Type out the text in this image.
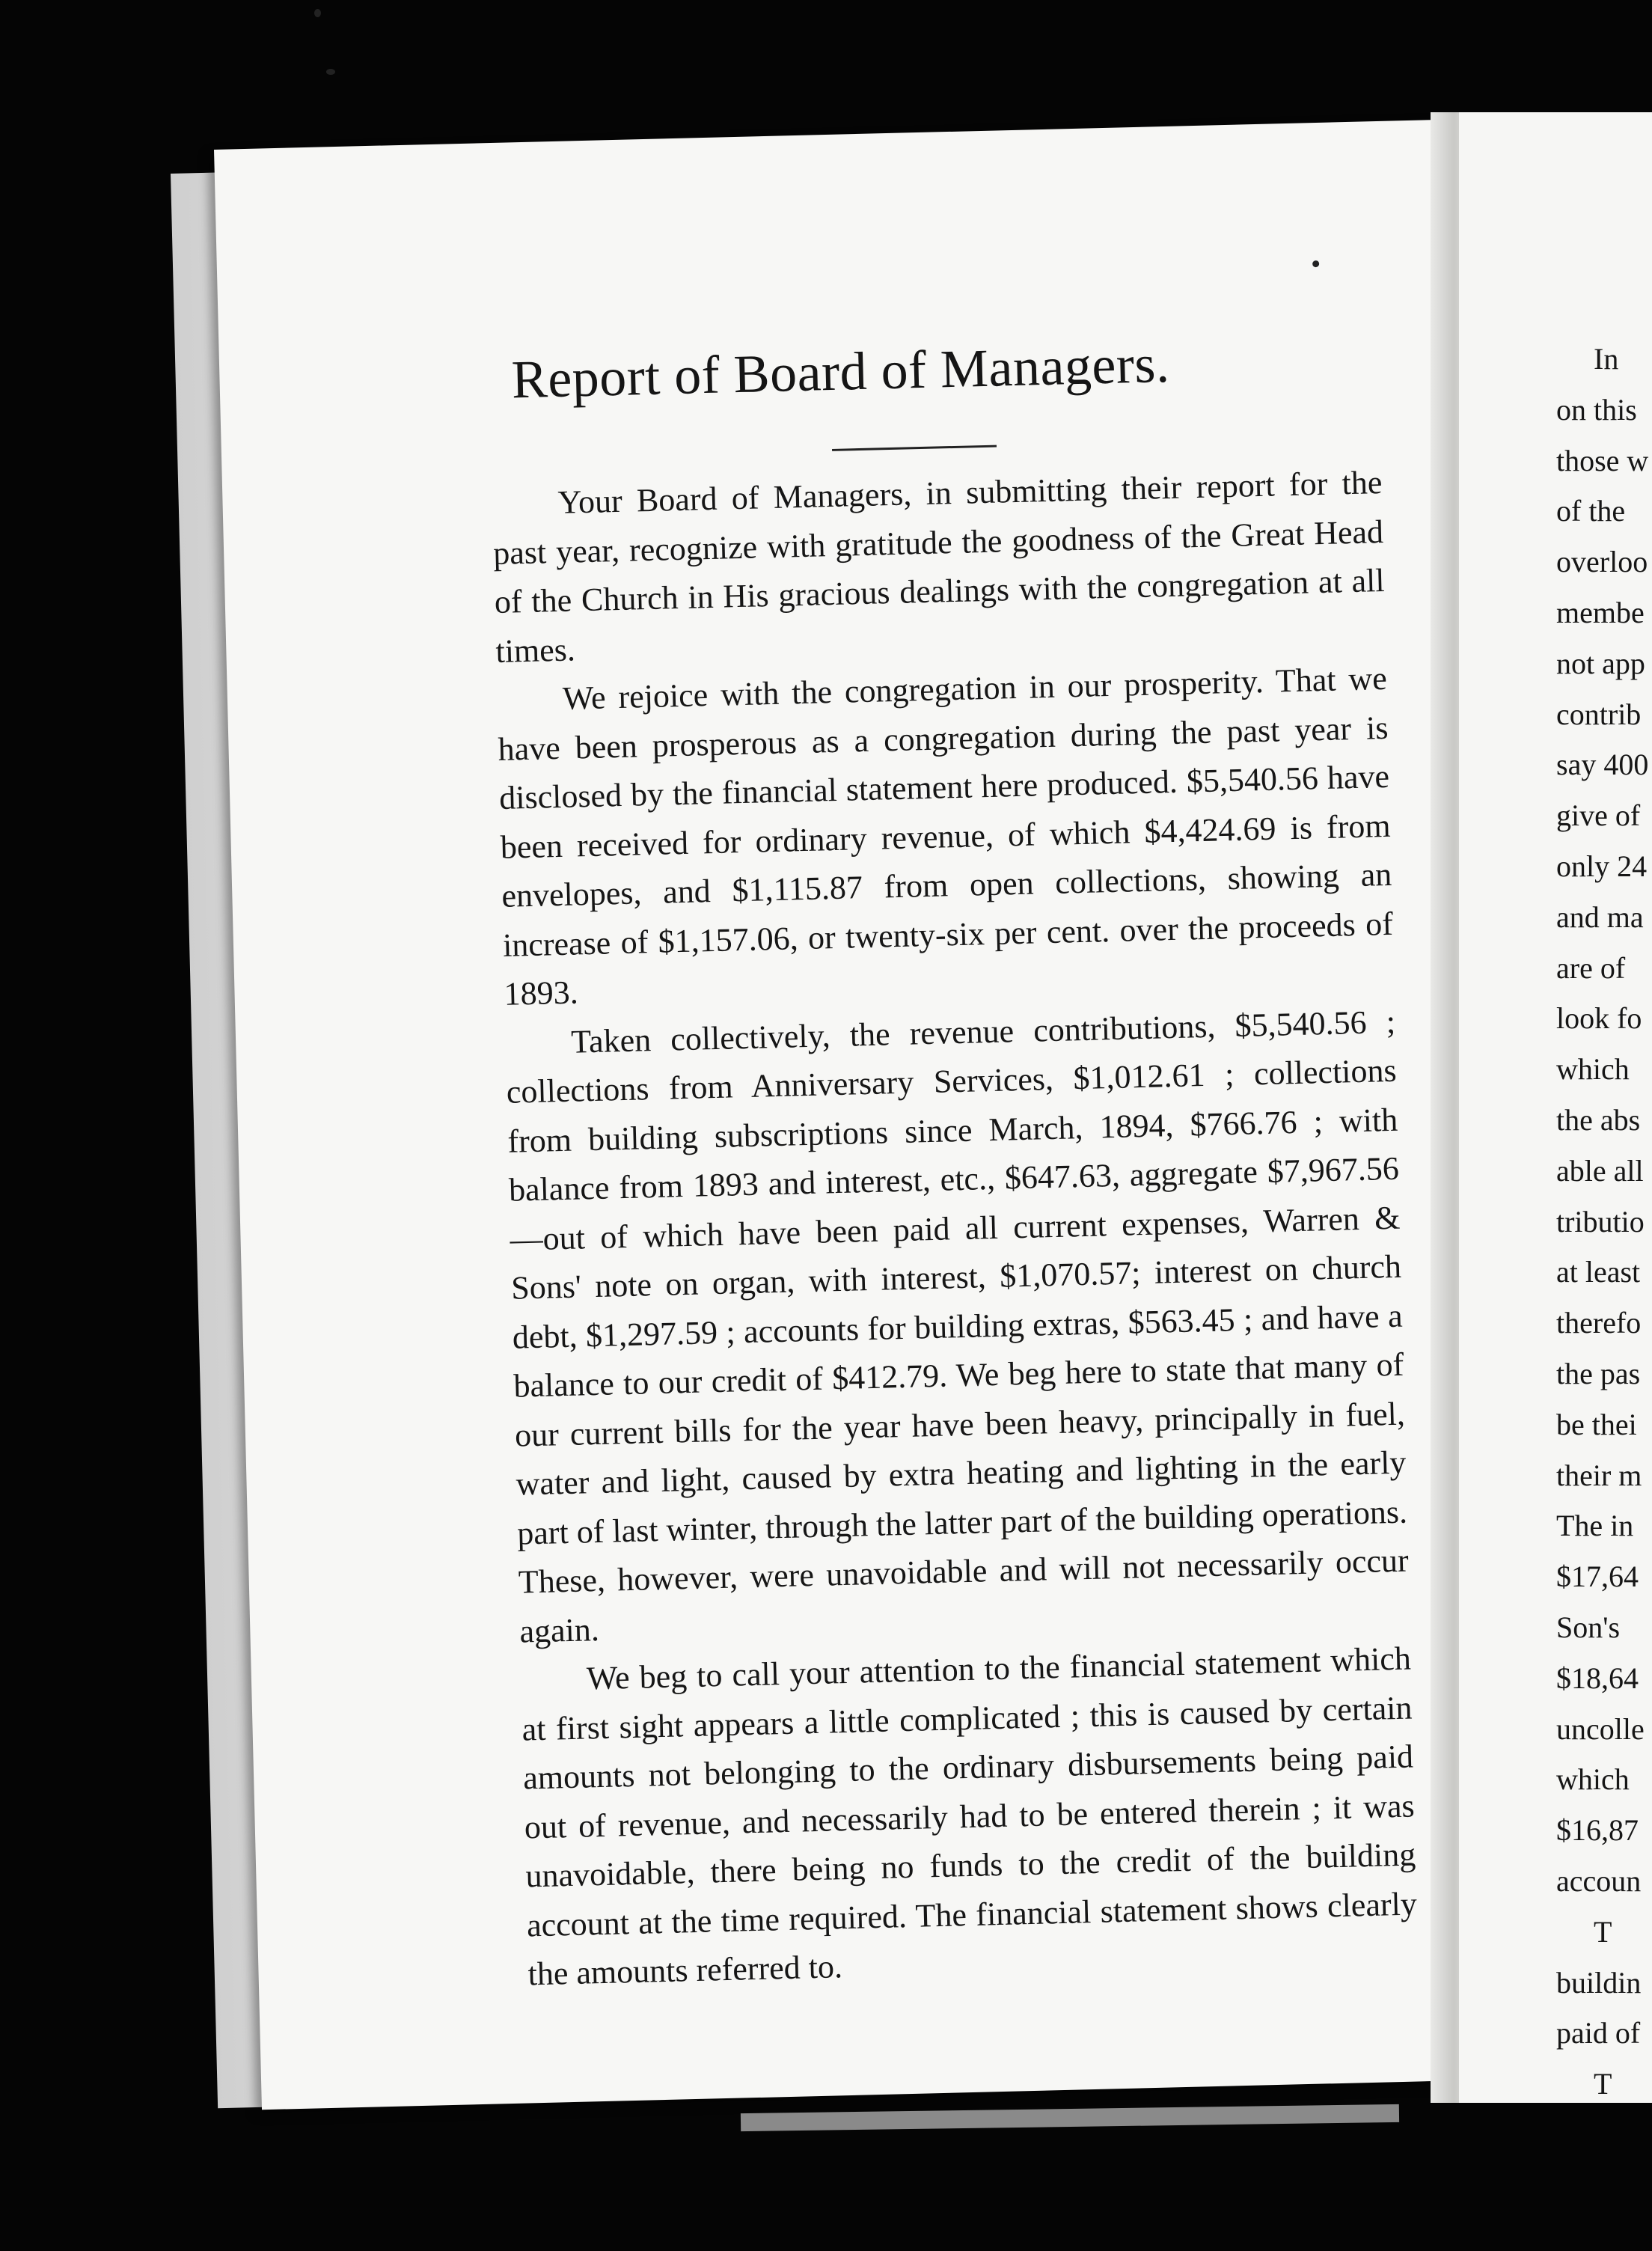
Report of Board of Managers.

Your Board of Managers, in submitting their report for the past year, recognize with gratitude the goodness of the Great Head of the Church in His gracious dealings with the congregation at all times.

We rejoice with the congregation in our prosperity. That we have been prosperous as a congregation during the past year is disclosed by the financial statement here produced. $5,540.56 have been received for ordinary revenue, of which $4,424.69 is from envelopes, and $1,115.87 from open collections, showing an increase of $1,157.06, or twenty-six per cent. over the proceeds of 1893.

Taken collectively, the revenue contributions, $5,540.56 ; collections from Anniversary Services, $1,012.61 ; collections from building subscriptions since March, 1894, $766.76 ; with balance from 1893 and interest, etc., $647.63, aggregate $7,967.56—out of which have been paid all current expenses, Warren & Sons' note on organ, with interest, $1,070.57; interest on church debt, $1,297.59 ; accounts for building extras, $563.45 ; and have a balance to our credit of $412.79. We beg here to state that many of our current bills for the year have been heavy, principally in fuel, water and light, caused by extra heating and lighting in the early part of last winter, through the latter part of the building operations. These, however, were unavoidable and will not necessarily occur again.

We beg to call your attention to the financial statement which at first sight appears a little complicated ; this is caused by certain amounts not belonging to the ordinary disbursements being paid out of revenue, and necessarily had to be entered therein ; it was unavoidable, there being no funds to the credit of the building account at the time required. The financial statement shows clearly the amounts referred to.

In
on this
those w
of the
overloo
membe
not app
contrib
say 400
give of
only 24
and ma
are of
look fo
which
the abs
able all
tributio
at least
therefo
the pas
be thei
their m
The in
$17,64
Son's
$18,64
uncolle
which
$16,87
accoun
T
buildin
paid of
T
